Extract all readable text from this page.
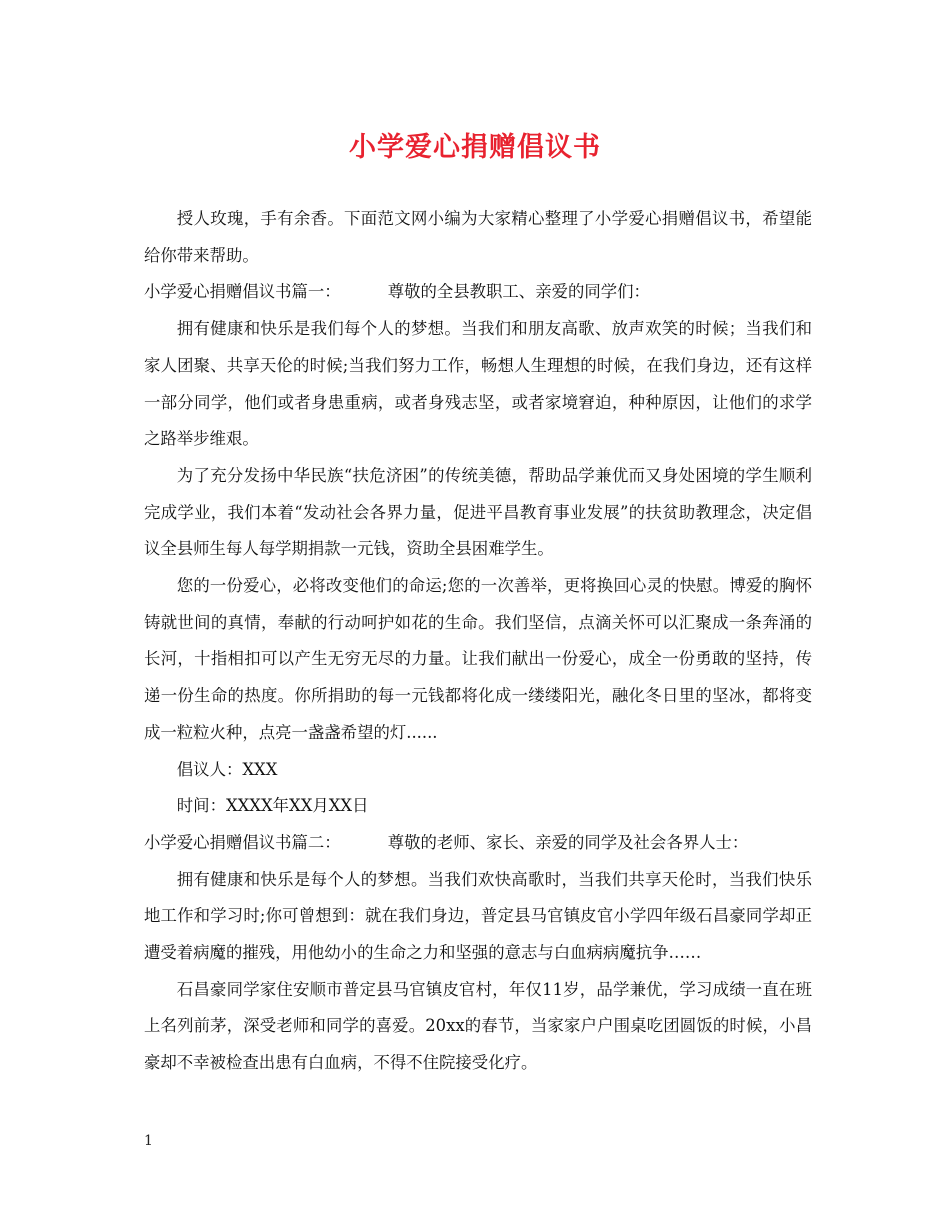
小学爱心捐赠倡议书

授人玫瑰，手有余香。下面范文网小编为大家精心整理了小学爱心捐赠倡议书，希望能给你带来帮助。

小学爱心捐赠倡议书篇一：	尊敬的全县教职工、亲爱的同学们：

拥有健康和快乐是我们每个人的梦想。当我们和朋友高歌、放声欢笑的时候；当我们和家人团聚、共享天伦的时候;当我们努力工作，畅想人生理想的时候，在我们身边，还有这样一部分同学，他们或者身患重病，或者身残志坚，或者家境窘迫，种种原因，让他们的求学之路举步维艰。

为了充分发扬中华民族“扶危济困”的传统美德，帮助品学兼优而又身处困境的学生顺利完成学业，我们本着“发动社会各界力量，促进平昌教育事业发展”的扶贫助教理念，决定倡议全县师生每人每学期捐款一元钱，资助全县困难学生。

您的一份爱心，必将改变他们的命运;您的一次善举，更将换回心灵的快慰。博爱的胸怀铸就世间的真情，奉献的行动呵护如花的生命。我们坚信，点滴关怀可以汇聚成一条奔涌的长河，十指相扣可以产生无穷无尽的力量。让我们献出一份爱心，成全一份勇敢的坚持，传递一份生命的热度。你所捐助的每一元钱都将化成一缕缕阳光，融化冬日里的坚冰，都将变成一粒粒火种，点亮一盏盏希望的灯......

倡议人：XXX

时间：XXXX年XX月XX日

小学爱心捐赠倡议书篇二：	尊敬的老师、家长、亲爱的同学及社会各界人士：

拥有健康和快乐是每个人的梦想。当我们欢快高歌时，当我们共享天伦时，当我们快乐地工作和学习时;你可曾想到：就在我们身边，普定县马官镇皮官小学四年级石昌豪同学却正遭受着病魔的摧残，用他幼小的生命之力和坚强的意志与白血病病魔抗争……

石昌豪同学家住安顺市普定县马官镇皮官村，年仅11岁，品学兼优，学习成绩一直在班上名列前茅，深受老师和同学的喜爱。20xx的春节，当家家户户围桌吃团圆饭的时候，小昌豪却不幸被检查出患有白血病，不得不住院接受化疗。

1
